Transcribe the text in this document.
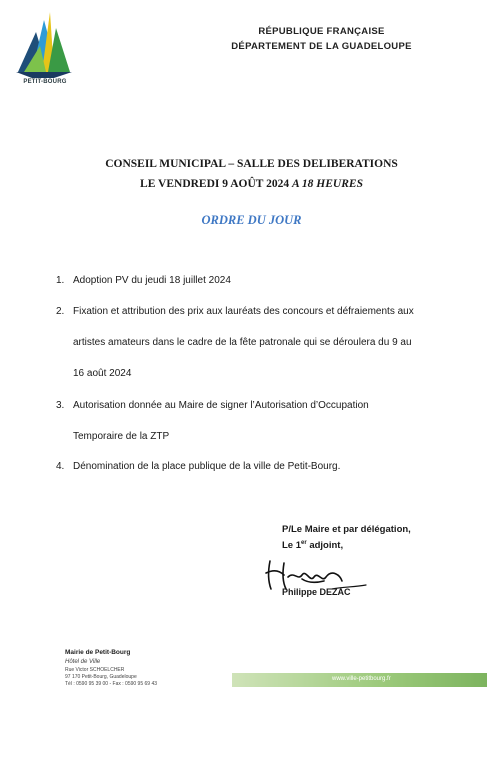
PETIT-BOURG
RÉPUBLIQUE FRANÇAISE
DÉPARTEMENT DE LA GUADELOUPE
CONSEIL MUNICIPAL – SALLE DES DELIBERATIONS
LE VENDREDI 9 AOÛT 2024 A 18 HEURES
ORDRE DU JOUR
1. Adoption PV du jeudi 18 juillet 2024
2. Fixation et attribution des prix aux lauréats des concours et défraiements aux
artistes amateurs dans le cadre de la fête patronale qui se déroulera du 9 au
16 août 2024
3. Autorisation donnée au Maire de signer l’Autorisation d’Occupation
Temporaire de la ZTP
4. Dénomination de la place publique de la ville de Petit-Bourg.
P/Le Maire et par délégation,
Le 1er adjoint,
Philippe DEZAC
Mairie de Petit-Bourg
Hôtel de Ville
Rue Victor SCHOELCHER
97 170 Petit-Bourg, Guadeloupe
Tél : 0590 95 39 00 - Fax : 0590 95 69 43
www.ville-petitbourg.fr
